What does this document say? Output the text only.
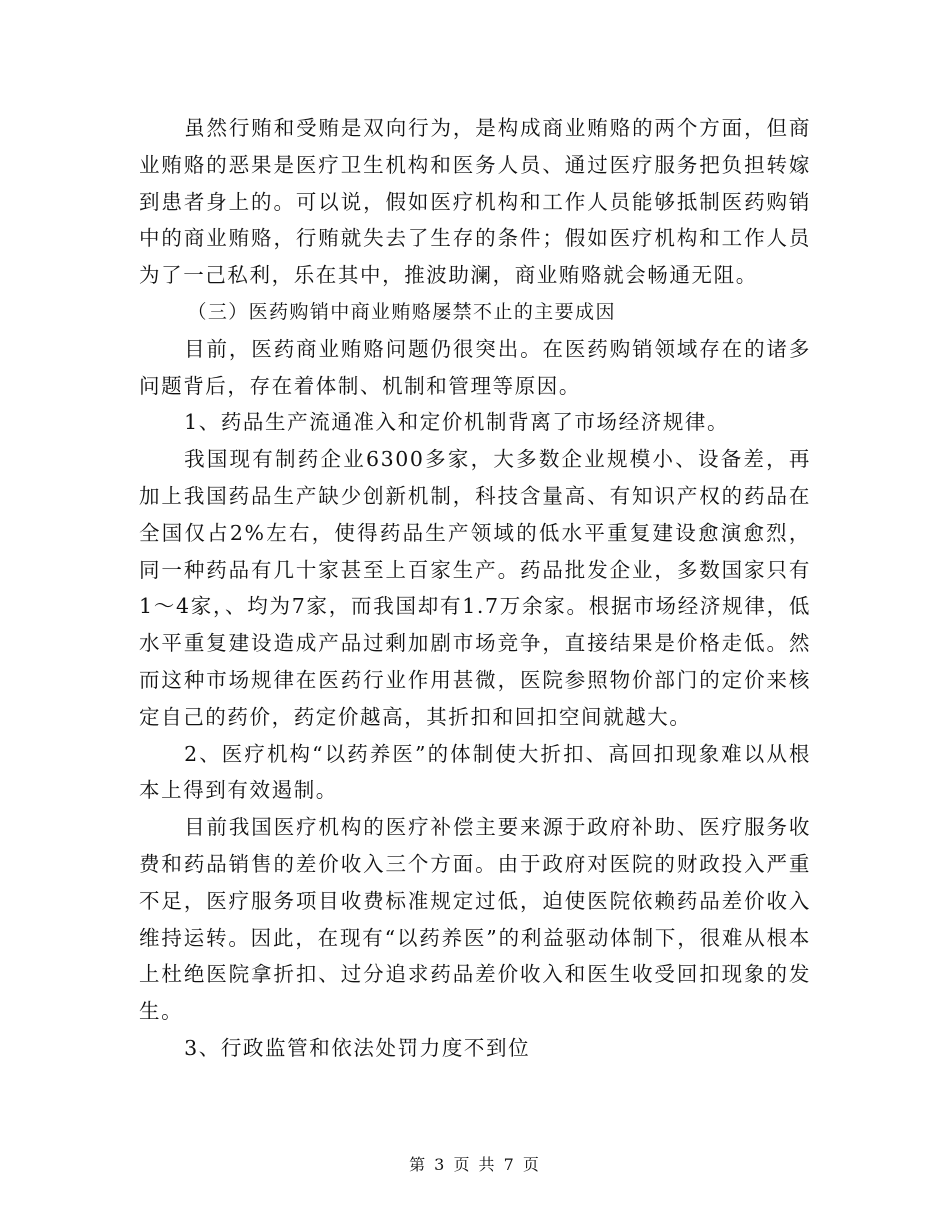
虽然行贿和受贿是双向行为，是构成商业贿赂的两个方面，但商业贿赂的恶果是医疗卫生机构和医务人员、通过医疗服务把负担转嫁到患者身上的。可以说，假如医疗机构和工作人员能够抵制医药购销中的商业贿赂，行贿就失去了生存的条件；假如医疗机构和工作人员为了一己私利，乐在其中，推波助澜，商业贿赂就会畅通无阻。

（三）医药购销中商业贿赂屡禁不止的主要成因

目前，医药商业贿赂问题仍很突出。在医药购销领域存在的诸多问题背后，存在着体制、机制和管理等原因。

1、药品生产流通准入和定价机制背离了市场经济规律。

我国现有制药企业6300多家，大多数企业规模小、设备差，再加上我国药品生产缺少创新机制，科技含量高、有知识产权的药品在全国仅占2%左右，使得药品生产领域的低水平重复建设愈演愈烈，同一种药品有几十家甚至上百家生产。药品批发企业，多数国家只有1～4家，、均为7家，而我国却有1.7万余家。根据市场经济规律，低水平重复建设造成产品过剩加剧市场竞争，直接结果是价格走低。然而这种市场规律在医药行业作用甚微，医院参照物价部门的定价来核定自己的药价，药定价越高，其折扣和回扣空间就越大。

2、医疗机构“以药养医”的体制使大折扣、高回扣现象难以从根本上得到有效遏制。

目前我国医疗机构的医疗补偿主要来源于政府补助、医疗服务收费和药品销售的差价收入三个方面。由于政府对医院的财政投入严重不足，医疗服务项目收费标准规定过低，迫使医院依赖药品差价收入维持运转。因此，在现有“以药养医”的利益驱动体制下，很难从根本上杜绝医院拿折扣、过分追求药品差价收入和医生收受回扣现象的发生。

3、行政监管和依法处罚力度不到位

第 3 页 共 7 页
